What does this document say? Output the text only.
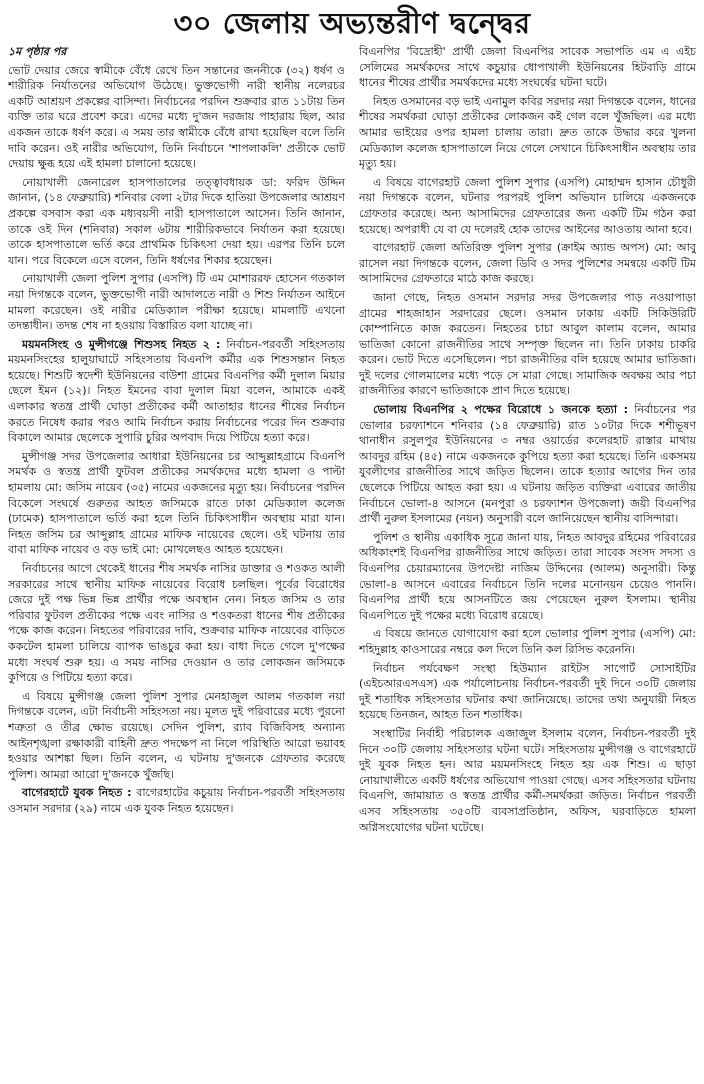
৩০ জেলায় অভ্যন্তরীণ দ্বন্দ্বের

১ম পৃষ্ঠার পর

ভোট দেয়ার জেরে স্বামীকে বেঁধে রেখে তিন সন্তানের জননীকে (৩২) ধর্ষণ ও শারীরিক নির্যাতনের অভিযোগ উঠেছে। ভুক্তভোগী নারী স্থানীয় নলেরচর একটি আশ্রয়ণ প্রকল্পের বাসিন্দা। নির্বাচনের পরদিন শুক্রবার রাত ১১টায় তিন ব্যক্তি তার ঘরে প্রবেশ করে। এদের মধ্যে দু'জন দরজায় পাহারায় ছিল, আর একজন তাকে ধর্ষণ করে। এ সময় তার স্বামীকে বেঁধে রাখা হয়েছিল বলে তিনি দাবি করেন। ওই নারীর অভিযোগ, তিনি নির্বাচনে 'শাপলাকলি' প্রতীকে ভোট দেয়ায় ক্ষুব্ধ হয়ে এই হামলা চালানো হয়েছে।

নোয়াখালী জেনারেল হাসপাতালের তত্ত্বাবধায়ক ডা: ফরিদ উদ্দিন জানান, (১৪ ফেব্রুয়ারি) শনিবার বেলা ২টার দিকে হাতিয়া উপজেলার আশ্রয়ণ প্রকল্পে বসবাস করা এক মধ্যবয়সী নারী হাসপাতালে আসেন। তিনি জানান, তাকে ওই দিন (শনিবার) সকাল ৬টায় শারীরিকভাবে নির্যাতন করা হয়েছে। তাকে হাসপাতালে ভর্তি করে প্রাথমিক চিকিৎসা দেয়া হয়। এরপর তিনি চলে যান। পরে বিকেলে এসে বলেন, তিনি ধর্ষণের শিকার হয়েছেন।

নোয়াখালী জেলা পুলিশ সুপার (এসপি) টি এম মোশাররফ হোসেন গতকাল নয়া দিগন্তকে বলেন, ভুক্তভোগী নারী আদালতে নারী ও শিশু নির্যাতন আইনে মামলা করেছেন। ওই নারীর মেডিক্যাল পরীক্ষা হয়েছে। মামলাটি এখনো তদন্তাধীন। তদন্ত শেষ না হওয়ায় বিস্তারিত বলা যাচ্ছে না।

ময়মনসিংহ ও মুন্সীগঞ্জে শিশুসহ নিহত ২ : নির্বাচন-পরবর্তী সহিংসতায় ময়মনসিংহের হালুয়াঘাটে সহিংসতায় বিএনপি কর্মীর এক শিশুসন্তান নিহত হয়েছে। শিশুটি স্বদেশী ইউনিয়নের বাউশা গ্রামের বিএনপির কর্মী দুলাল মিয়ার ছেলে ইমন (১২)। নিহত ইমনের বাবা দুলাল মিয়া বলেন, আমাকে একই এলাকার স্বতন্ত্র প্রার্থী ঘোড়া প্রতীকের কর্মী আতাহার ধানের শীষের নির্বাচন করতে নিষেধ করার পরও আমি নির্বাচন করায় নির্বাচনের পরের দিন শুক্রবার বিকালে আমার ছেলেকে সুপারি চুরির অপবাদ দিয়ে পিটিয়ে হত্যা করে।

মুন্সীগঞ্জ সদর উপজেলার আধারা ইউনিয়নের চর আব্দুল্লাহগ্রামে বিএনপি সমর্থক ও স্বতন্ত্র প্রার্থী ফুটবল প্রতীকের সমর্থকদের মধ্যে হামলা ও পাল্টা হামলায় মো: জসিম নায়েব (৩৫) নামের একজনের মৃত্যু হয়। নির্বাচনের পরদিন বিকেলে সংঘর্ষে গুরুতর আহত জসিমকে রাতে ঢাকা মেডিক্যাল কলেজ (ঢামেক) হাসপাতালে ভর্তি করা হলে তিনি চিকিৎসাধীন অবস্থায় মারা যান। নিহত জসিম চর আব্দুল্লাহ গ্রামের মাফিক নায়েবের ছেলে। ওই ঘটনায় তার বাবা মাফিক নায়েব ও বড় ভাই মো: মোখলেছও আহত হয়েছেন।

নির্বাচনের আগে থেকেই ধানের শীষ সমর্থক নাসির ডাক্তার ও শওকত আলী সরকারের সাথে স্থানীয় মাফিক নায়েবের বিরোধ চলছিল। পূর্বের বিরোধের জেরে দুই পক্ষ ভিন্ন ভিন্ন প্রার্থীর পক্ষে অবস্থান নেন। নিহত জসিম ও তার পরিবার ফুটবল প্রতীকের পক্ষে এবং নাসির ও শওকতরা ধানের শীষ প্রতীকের পক্ষে কাজ করেন। নিহতের পরিবারের দাবি, শুক্রবার মাফিক নায়েবের বাড়িতে ককটেল হামলা চালিয়ে ব্যাপক ভাঙচুর করা হয়। বাধা দিতে গেলে দু'পক্ষের মধ্যে সংঘর্ষ শুরু হয়। এ সময় নাসির দেওয়ান ও তার লোকজন জসিমকে কুপিয়ে ও পিটিয়ে হত্যা করে।

এ বিষয়ে মুন্সীগঞ্জ জেলা পুলিশ সুপার মেনহাজুল আলম গতকাল নয়া দিগন্তকে বলেন, এটা নির্বাচনী সহিংসতা নয়। মূলত দুই পরিবারের মধ্যে পুরনো শত্রুতা ও তীব্র ক্ষোভ রয়েছে। সেদিন পুলিশ, র‍্যাব বিজিবিসহ অন্যান্য আইনশৃঙ্খলা রক্ষাকারী বাহিনী দ্রুত পদক্ষেপ না নিলে পরিস্থিতি আরো ভয়াবহ হওয়ার আশঙ্কা ছিল। তিনি বলেন, এ ঘটনায় দু'জনকে গ্রেফতার করেছে পুলিশ। আমরা আরো দু'জনকে খুঁজছি।

বাগেরহাটে যুবক নিহত : বাগেরহাটের কচুয়ায় নির্বাচন-পরবর্তী সহিংসতায় ওসমান সরদার (২৯) নামে এক যুবক নিহত হয়েছেন।

বিএনপির 'বিদ্রোহী' প্রার্থী জেলা বিএনপির সাবেক সভাপতি এম এ এইচ সেলিমের সমর্থকদের সাথে কচুয়ার ধোপাখালী ইউনিয়নের হিটবাড়ি গ্রামে ধানের শীষের প্রার্থীর সমর্থকদের মধ্যে সংঘর্ষের ঘটনা ঘটে।

নিহত ওসমানের বড় ভাই এনামুল কবির সরদার নয়া দিগন্তকে বলেন, ধানের শীষের সমর্থকরা ঘোড়া প্রতীকের লোকজন কই গেল বলে খুঁজছিল। এর মধ্যে আমার ভাইয়ের ওপর হামলা চালায় তারা। দ্রুত তাকে উদ্ধার করে খুলনা মেডিক্যাল কলেজ হাসপাতালে নিয়ে গেলে সেখানে চিকিৎসাধীন অবস্থায় তার মৃত্যু হয়।

এ বিষয়ে বাগেরহাট জেলা পুলিশ সুপার (এসপি) মোহাম্মদ হাসান চৌধুরী নয়া দিগন্তকে বলেন, ঘটনার পরপরই পুলিশ অভিযান চালিয়ে একজনকে গ্রেফতার করেছে। অন্য আসামিদের গ্রেফতারের জন্য একটি টিম গঠন করা হয়েছে। অপরাধী যে বা যে দলেরই হোক তাদের আইনের আওতায় আনা হবে।

বাগেরহাট জেলা অতিরিক্ত পুলিশ সুপার (ক্রাইম অ্যান্ড অপস) মো: আবু রাসেল নয়া দিগন্তকে বলেন, জেলা ডিবি ও সদর পুলিশের সমন্বয়ে একটি টিম আসামিদের গ্রেফতারে মাঠে কাজ করছে।

জানা গেছে, নিহত ওসমান সরদার সদর উপজেলার পাড় নওয়াপাড়া গ্রামের শাহজাহান সরদারের ছেলে। ওসমান ঢাকায় একটি সিকিউরিটি কোম্পানিতে কাজ করতেন। নিহতের চাচা আবুল কালাম বলেন, আমার ভাতিজা কোনো রাজনীতির সাথে সম্পৃক্ত ছিলেন না। তিনি ঢাকায় চাকরি করেন। ভোট দিতে এসেছিলেন। পচা রাজনীতির বলি হয়েছে আমার ভাতিজা। দুই দলের গোলমালের মধ্যে পড়ে সে মারা গেছে। সামাজিক অবক্ষয় আর পচা রাজনীতির কারণে ভাতিজাকে প্রাণ দিতে হয়েছে।

ভোলায় বিএনপির ২ পক্ষের বিরোধে ১ জনকে হত্যা : নির্বাচনের পর ভোলার চরফ্যাশনে শনিবার (১৪ ফেব্রুয়ারি) রাত ১০টার দিকে শশীভূষণ থানাধীন রসুলপুর ইউনিয়নের ৩ নম্বর ওয়ার্ডের কলেরহাট রাস্তার মাথায় আবদুর রহিম (৪৫) নামে একজনকে কুপিয়ে হত্যা করা হয়েছে। তিনি একসময় যুবলীগের রাজনীতির সাথে জড়িত ছিলেন। তাকে হত্যার আগের দিন তার ছেলেকে পিটিয়ে আহত করা হয়। এ ঘটনায় জড়িত ব্যক্তিরা এবারের জাতীয় নির্বাচনে ভোলা-৪ আসনে (মনপুরা ও চরফ্যাশন উপজেলা) জয়ী বিএনপির প্রার্থী নুরুল ইসলামের (নয়ন) অনুসারী বলে জানিয়েছেন স্থানীয় বাসিন্দারা।

পুলিশ ও স্থানীয় একাধিক সূত্রে জানা যায়, নিহত আবদুর রহিমের পরিবারের অধিকাংশই বিএনপির রাজনীতির সাথে জড়িত। তারা সাবেক সংসদ সদস্য ও বিএনপির চেয়ারম্যানের উপদেষ্টা নাজিম উদ্দিনের (আলম) অনুসারী। কিন্তু ভোলা-৪ আসনে এবারের নির্বাচনে তিনি দলের মনোনয়ন চেয়েও পাননি। বিএনপির প্রার্থী হয়ে আসনটিতে জয় পেয়েছেন নুরুল ইসলাম। স্থানীয় বিএনপিতে দুই পক্ষের মধ্যে বিরোধ রয়েছে।

এ বিষয়ে জানতে যোগাযোগ করা হলে ভোলার পুলিশ সুপার (এসপি) মো: শহিদুল্লাহ কাওসারের নম্বরে কল দিলে তিনি কল রিসিভ করেননি।

নির্বাচন পর্যবেক্ষণ সংস্থা হিউম্যান রাইটস সাপোর্ট সোসাইটির (এইচআরএসএস) এক পর্যালোচনায় নির্বাচন-পরবর্তী দুই দিনে ৩০টি জেলায় দুই শতাধিক সহিংসতার ঘটনার কথা জানিয়েছে। তাদের তথ্য অনুযায়ী নিহত হয়েছে তিনজন, আহত তিন শতাধিক।

সংস্থাটির নির্বাহী পরিচালক এজাজুল ইসলাম বলেন, নির্বাচন-পরবর্তী দুই দিনে ৩০টি জেলায় সহিংসতার ঘটনা ঘটে। সহিংসতায় মুন্সীগঞ্জ ও বাগেরহাটে দুই যুবক নিহত হন। আর ময়মনসিংহে নিহত হয় এক শিশু। এ ছাড়া নোয়াখালীতে একটি ধর্ষণের অভিযোগ পাওয়া গেছে। এসব সহিংসতার ঘটনায় বিএনপি, জামায়াত ও স্বতন্ত্র প্রার্থীর কর্মী-সমর্থকরা জড়িত। নির্বাচন পরবর্তী এসব সহিংসতায় ৩৫০টি ব্যবসাপ্রতিষ্ঠান, অফিস, ঘরবাড়িতে হামলা অগ্নিসংযোগের ঘটনা ঘটেছে।
